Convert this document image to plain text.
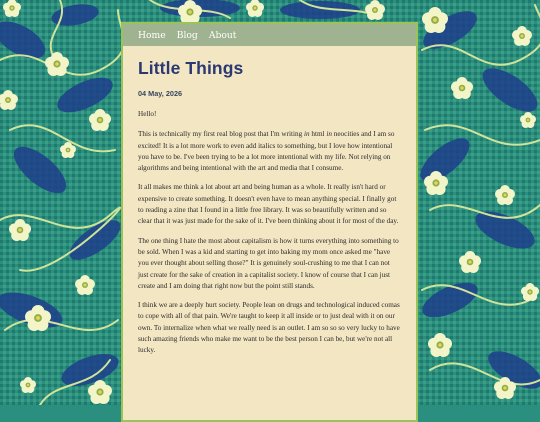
Home Blog About
Little Things
04 May, 2026

Hello!

This is technically my first real blog post that I'm writing in html in neocities and I am so excited! It is a lot more work to even add italics to something, but I love how intentional you have to be. I've been trying to be a lot more intentional with my life. Not relying on algorithms and being intentional with the art and media that I consume.

It all makes me think a lot about art and being human as a whole. It really isn't hard or expensive to create something. It doesn't even have to mean anything special. I finally got to reading a zine that I found in a little free library. It was so beautifully written and so clear that it was just made for the sake of it. I've been thinking about it for most of the day.

The one thing I hate the most about capitalism is how it turns everything into something to be sold. When I was a kid and starting to get into baking my mom once asked me "have you ever thought about selling those?" It is genuinely soul-crushing to me that I can not just create for the sake of creation in a capitalist society. I know of course that I can just create and I am doing that right now but the point still stands.

I think we are a deeply hurt society. People lean on drugs and technological induced comas to cope with all of that pain. We're taught to keep it all inside or to just deal with it on our own. To internalize when what we really need is an outlet. I am so so so very lucky to have such amazing friends who make me want to be the best person I can be, but we're not all lucky.
